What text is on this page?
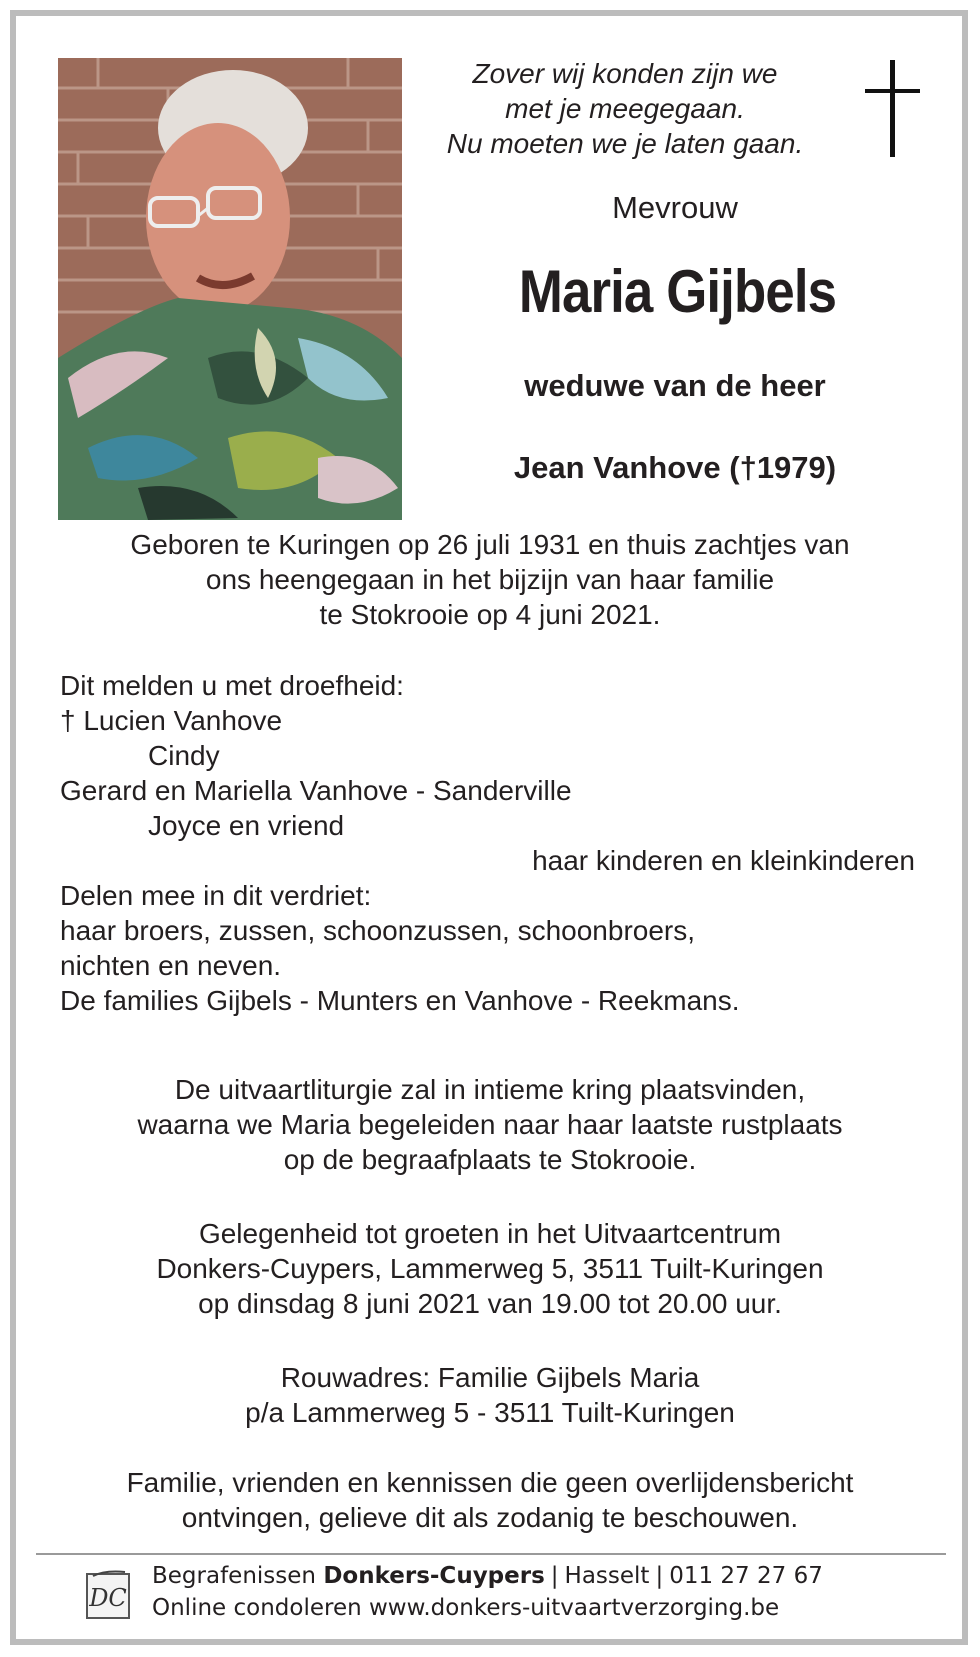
Zover wij konden zijn we
met je meegegaan.
Nu moeten we je laten gaan.
Mevrouw
Maria Gijbels
weduwe van de heer
Jean Vanhove (†1979)
Geboren te Kuringen op 26 juli 1931 en thuis zachtjes van
ons heengegaan in het bijzijn van haar familie
te Stokrooie op 4 juni 2021.
Dit melden u met droefheid:
† Lucien Vanhove
Cindy
Gerard en Mariella Vanhove - Sanderville
Joyce en vriend
haar kinderen en kleinkinderen
Delen mee in dit verdriet:
haar broers, zussen, schoonzussen, schoonbroers,
nichten en neven.
De families Gijbels - Munters en Vanhove - Reekmans.
De uitvaartliturgie zal in intieme kring plaatsvinden,
waarna we Maria begeleiden naar haar laatste rustplaats
op de begraafplaats te Stokrooie.
Gelegenheid tot groeten in het Uitvaartcentrum
Donkers-Cuypers, Lammerweg 5, 3511 Tuilt-Kuringen
op dinsdag 8 juni 2021 van 19.00 tot 20.00 uur.
Rouwadres: Familie Gijbels Maria
p/a Lammerweg 5 - 3511 Tuilt-Kuringen
Familie, vrienden en kennissen die geen overlijdensbericht
ontvingen, gelieve dit als zodanig te beschouwen.
DC
Begrafenissen Donkers-Cuypers | Hasselt | 011 27 27 67
Online condoleren www.donkers-uitvaartverzorging.be
